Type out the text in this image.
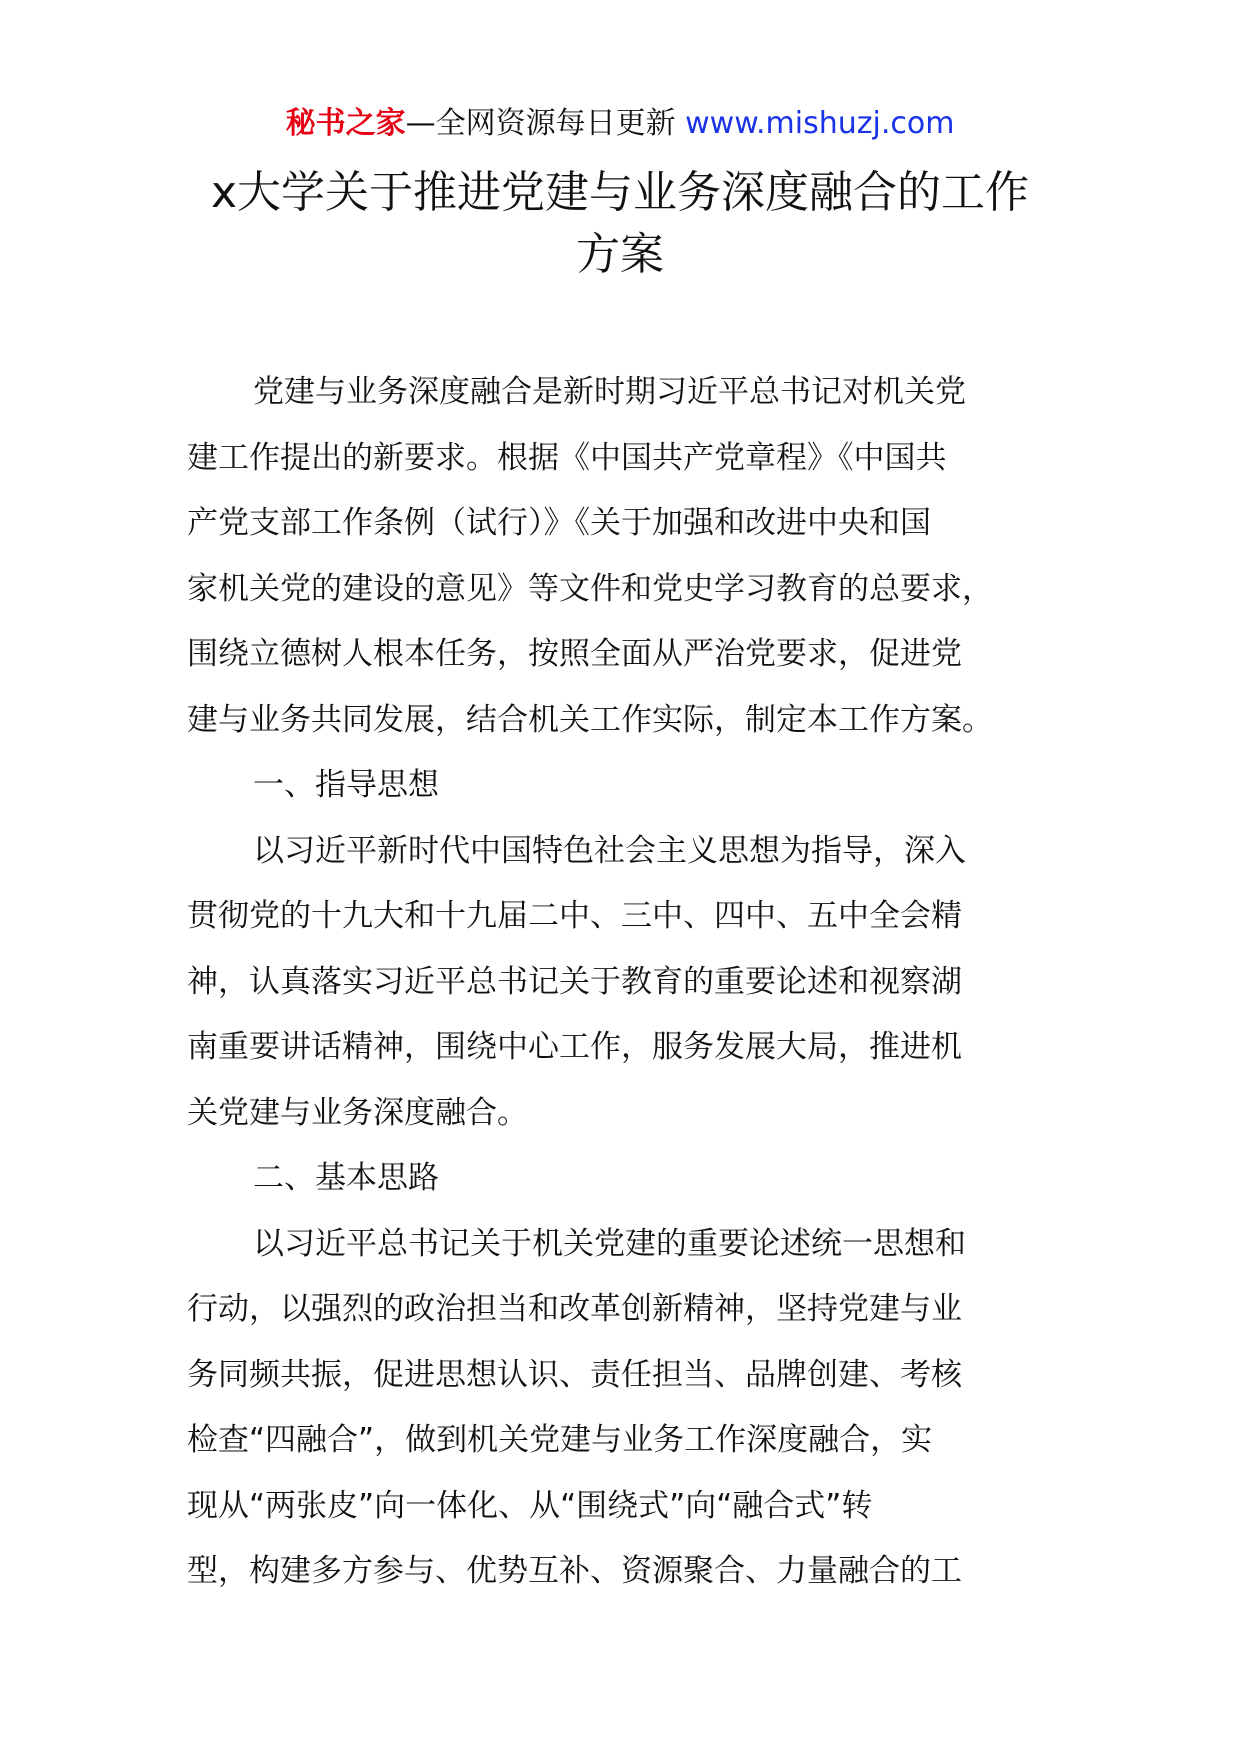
秘书之家—全网资源每日更新 www.mishuzj.com
x大学关于推进党建与业务深度融合的工作
方案
党建与业务深度融合是新时期习近平总书记对机关党
建工作提出的新要求。根据《中国共产党章程》《中国共
产党支部工作条例（试行）》《关于加强和改进中央和国
家机关党的建设的意见》等文件和党史学习教育的总要求，
围绕立德树人根本任务，按照全面从严治党要求，促进党
建与业务共同发展，结合机关工作实际，制定本工作方案。
一、指导思想
以习近平新时代中国特色社会主义思想为指导，深入
贯彻党的十九大和十九届二中、三中、四中、五中全会精
神，认真落实习近平总书记关于教育的重要论述和视察湖
南重要讲话精神，围绕中心工作，服务发展大局，推进机
关党建与业务深度融合。
二、基本思路
以习近平总书记关于机关党建的重要论述统一思想和
行动，以强烈的政治担当和改革创新精神，坚持党建与业
务同频共振，促进思想认识、责任担当、品牌创建、考核
检查“四融合”，做到机关党建与业务工作深度融合，实
现从“两张皮”向一体化、从“围绕式”向“融合式”转
型，构建多方参与、优势互补、资源聚合、力量融合的工
